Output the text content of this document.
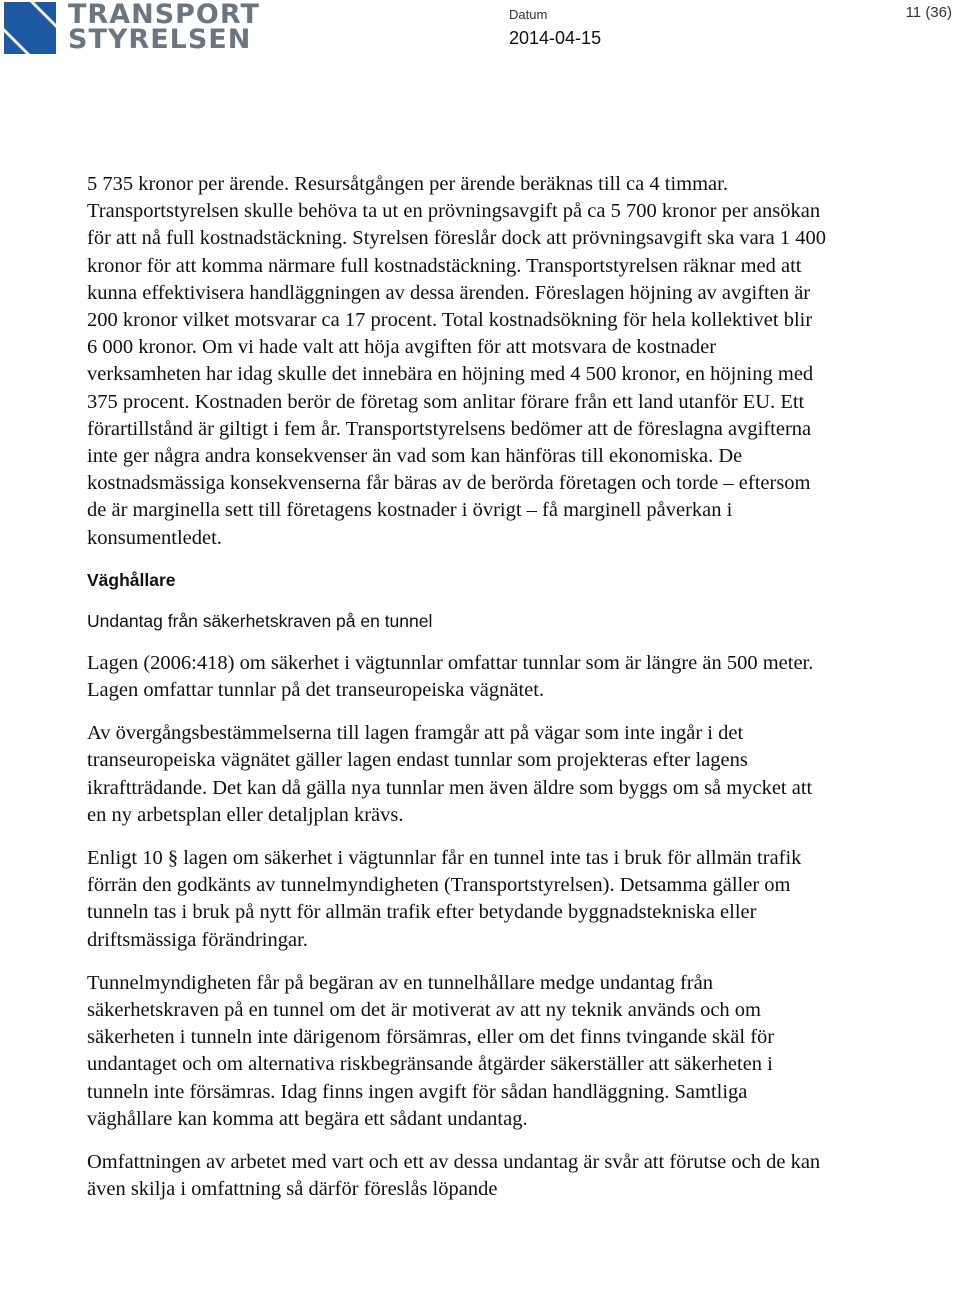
TRANSPORT
STYRELSEN
Datum
2014-04-15
11 (36)

5 735 kronor per ärende. Resursåtgången per ärende beräknas till ca 4 timmar. Transportstyrelsen skulle behöva ta ut en prövningsavgift på ca 5 700 kronor per ansökan för att nå full kostnadstäckning. Styrelsen föreslår dock att prövningsavgift ska vara 1 400 kronor för att komma närmare full kostnadstäckning. Transportstyrelsen räknar med att kunna effektivisera handläggningen av dessa ärenden. Föreslagen höjning av avgiften är 200 kronor vilket motsvarar ca 17 procent. Total kostnadsökning för hela kollektivet blir 6 000 kronor. Om vi hade valt att höja avgiften för att motsvara de kostnader verksamheten har idag skulle det innebära en höjning med 4 500 kronor, en höjning med 375 procent. Kostnaden berör de företag som anlitar förare från ett land utanför EU. Ett förartillstånd är giltigt i fem år. Transportstyrelsens bedömer att de föreslagna avgifterna inte ger några andra konsekvenser än vad som kan hänföras till ekonomiska. De kostnadsmässiga konsekvenserna får bäras av de berörda företagen och torde – eftersom de är marginella sett till företagens kostnader i övrigt – få marginell påverkan i konsumentledet.

Väghållare
Undantag från säkerhetskraven på en tunnel

Lagen (2006:418) om säkerhet i vägtunnlar omfattar tunnlar som är längre än 500 meter. Lagen omfattar tunnlar på det transeuropeiska vägnätet.

Av övergångsbestämmelserna till lagen framgår att på vägar som inte ingår i det transeuropeiska vägnätet gäller lagen endast tunnlar som projekteras efter lagens ikraftträdande. Det kan då gälla nya tunnlar men även äldre som byggs om så mycket att en ny arbetsplan eller detaljplan krävs.

Enligt 10 § lagen om säkerhet i vägtunnlar får en tunnel inte tas i bruk för allmän trafik förrän den godkänts av tunnelmyndigheten (Transportstyrelsen). Detsamma gäller om tunneln tas i bruk på nytt för allmän trafik efter betydande byggnadstekniska eller driftsmässiga förändringar.

Tunnelmyndigheten får på begäran av en tunnelhållare medge undantag från säkerhetskraven på en tunnel om det är motiverat av att ny teknik används och om säkerheten i tunneln inte därigenom försämras, eller om det finns tvingande skäl för undantaget och om alternativa riskbegränsande åtgärder säkerställer att säkerheten i tunneln inte försämras. Idag finns ingen avgift för sådan handläggning. Samtliga väghållare kan komma att begära ett sådant undantag.

Omfattningen av arbetet med vart och ett av dessa undantag är svår att förutse och de kan även skilja i omfattning så därför föreslås löpande
